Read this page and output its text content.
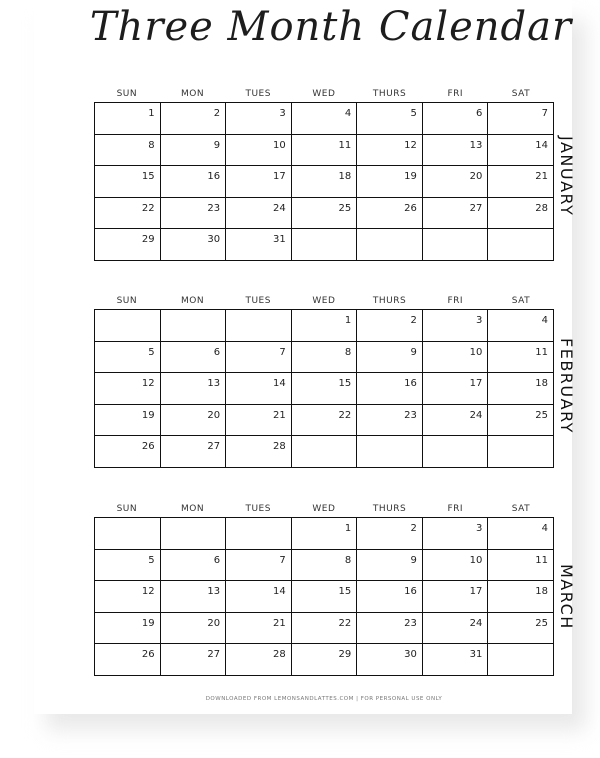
Three Month Calendar
SUN	MON	TUES	WED	THURS	FRI	SAT
1	2	3	4	5	6	7

8	9	10	11	12	13	14

15	16	17	18	19	20	21

22	23	24	25	26	27	28

29	30	31				

JANUARY
SUN	MON	TUES	WED	THURS	FRI	SAT

			1	2	3	4

5	6	7	8	9	10	11

12	13	14	15	16	17	18

19	20	21	22	23	24	25

26	27	28				

FEBRUARY
SUN	MON	TUES	WED	THURS	FRI	SAT

			1	2	3	4

5	6	7	8	9	10	11

12	13	14	15	16	17	18

19	20	21	22	23	24	25

26	27	28	29	30	31	

MARCH
DOWNLOADED FROM LEMONSANDLATTES.COM | FOR PERSONAL USE ONLY
